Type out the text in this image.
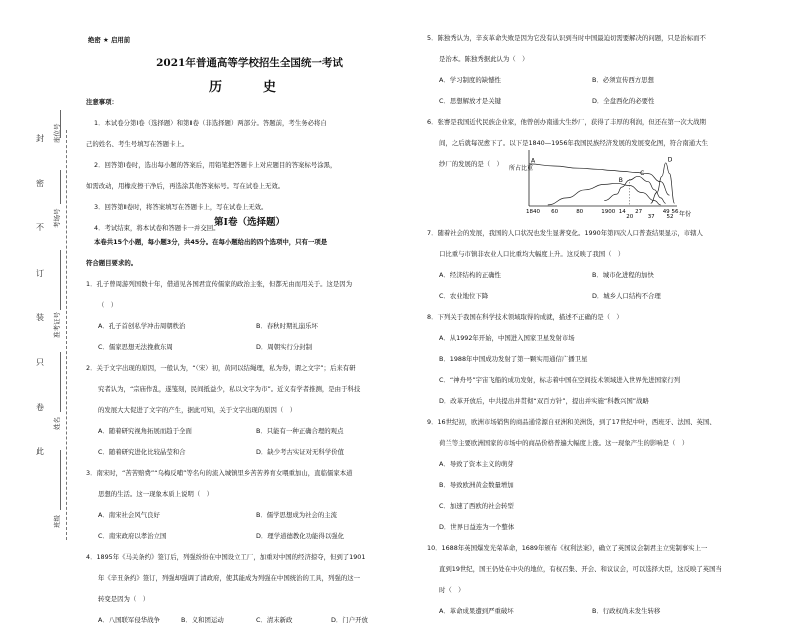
封
密
不
订
装
只
卷
此
座位号
考场号
准考证号
姓名
班级
绝密 ★ 启用前
2021年普通高等学校招生全国统一考试
历　史
注意事项：
1．本试卷分第Ⅰ卷（选择题）和第Ⅱ卷（非选择题）两部分。答题前，考生务必将自
己的姓名、考生号填写在答题卡上。
2．回答第Ⅰ卷时，选出每小题的答案后，用铅笔把答题卡上对应题目的答案标号涂黑，
如需改动，用橡皮擦干净后，再选涂其他答案标号。写在试卷上无效。
3．回答第Ⅱ卷时，将答案填写在答题卡上，写在试卷上无效。
4．考试结束，将本试卷和答题卡一并交回。
第Ⅰ卷（选择题）
本卷共15个小题，每小题3分，共45分。在每小题给出的四个选项中，只有一项是
符合题目要求的。
1．孔子曾周游列国数十年，借道见各国君宣传儒家的政治主张，但都无由而用关于。这是因为
（　）
A．孔子首创私学冲击周朝秩治	B．春秋时期礼崩乐坏
C．儒家思想无法挽救东周	D．周朝实行分封制
2．关于文字出现的原因，一般认为，“（宋）初，黄同以结绳理，私为券，谓之文字”；后来有研
究者认为，“宗庙作乱，遂笺刻，民间抵益少，私以文字为市”。近义有学者推测，是由于科技
的发展大大促进了文字的产生，据此可知，关于文字出现的原因（　）
A．随着研究视角拓展而趋于全面	B．只能有一种正确合理的观点
C．随着研究进化比较晶莹和合	D．缺少考古实证对无科学价值
3．南宋时，“苦苦赔费”“乌梅反哺”等名句的流入城镇里乡苦苦养育女喂重加山，直临儒家本道
思想的生活。这一现象本质上说明（　）
A．南宋社会风气良好	B．儒学思想成为社会的主流
C．南宋政府以孝治立国	D．理学道德教化功能得以强化
4．1895年《马关条约》签订后，列强纷纷在中国设立工厂，加重对中国的经济掠夺，但到了1901
年《辛丑条约》签订，列强却强调了清政府，使其能成为列强在中国统治的工具，列强的这一
转变是因为（　）
A．八国联军侵华战争	B．义和团运动	C．清末新政	D．门户开放
5．陈独秀认为，辛亥革命失败是因为它没有认识到当时中国最迫切需要解决的问题，只是治标而不
是治本。陈独秀据此认为（　）
A．学习制度的缺憾性	B．必须宣传西方思想
C．思想解放才是关键	D．全盘西化的必要性
6．张謇是我国近代民族企业家，他曾创办南通大生纱厂，获得了丰厚的利润，但还在第一次大战期
间，之后就每况愈下了。以下是1840—1956年我国民族经济发展的发展变化图，符合南通大生
纱厂的发展的是（　）	A
B
C
D
1840 60	80	1900 14
20
27
37
49
52
56
所占比重
年份
7．随着社会的发展，我国的人口状况也发生显著变化。1990年第四次人口普查结果显示，市辖人
口比重与市镇非农业人口比重均大幅度上升。这反映了我国（　）
A．经济结构的正确性	B．城市化进程的加快
C．农业地位下降	D．城乡人口结构不合理
8．下列关于我国在科学技术领域取得的成就，描述不正确的是（　）
A．从1992年开始，中国进入国家卫星发射市场
B．1988年中国成功发射了第一颗实用通信广播卫星
C．“神舟号”宇宙飞船的成功发射，标志着中国在空间技术领域进入世界先进国家行列
D．改革开放后，中共提出并贯彻“双百方针”，提出并实施“科教兴国”战略
9．16世纪初，欧洲市场销售的商品通常源自亚洲和美洲货，到了17世纪中叶，西班牙、法国、英国、
荷兰等主要欧洲国家的市场中的商品价格普遍大幅度上涨。这一现象产生的影响是（　）
A．导致了资本主义的萌芽
B．导致欧洲黄金数量增加
C．加速了西欧的社会转型
D．世界日益连为一个整体
10．1688年英国爆发光荣革命，1689年颁布《权利法案》，确立了英国议会制君主立宪制事实上一
直到19世纪，国王仍处在中央的地位，有权召集、开会、和议议会，可以选择大臣，这反映了英国当
时（　）
A．革命成果遭到严重破坏	B．行政权尚未发生转移
